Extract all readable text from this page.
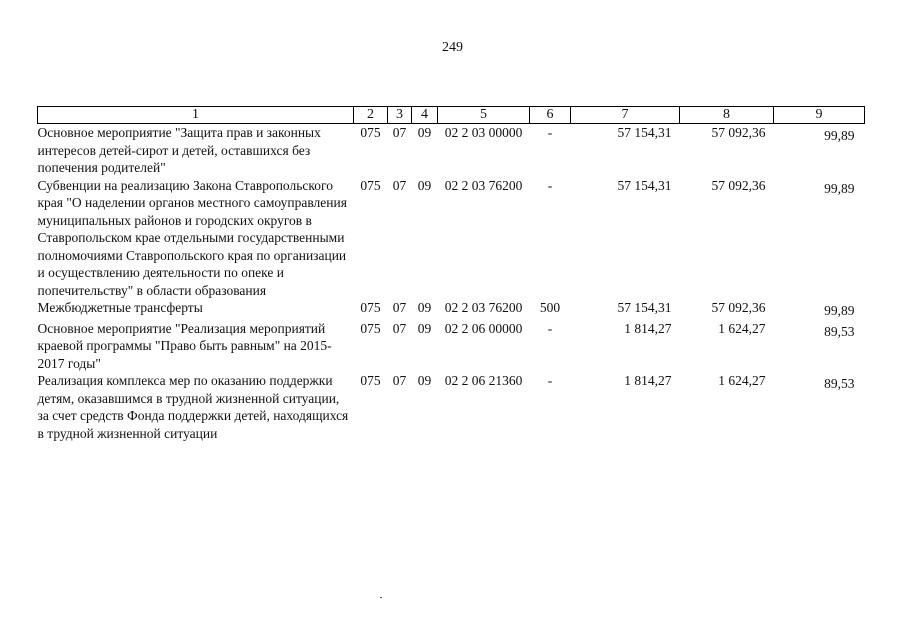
249
1	2	3	4	5	6	7	8	9
Основное мероприятие "Защита прав и законных интересов детей-сирот и детей, оставшихся без попечения родителей"	075	07	09	02 2 03 00000	-	57 154,31	57 092,36	99,89
Субвенции на реализацию Закона Ставропольского края "О наделении органов местного самоуправления муниципальных районов и городских округов в Ставропольском крае отдельными государственными полномочиями Ставропольского края по организации и осуществлению деятельности по опеке и попечительству" в области образования	075	07	09	02 2 03 76200	-	57 154,31	57 092,36	99,89
Межбюджетные трансферты	075	07	09	02 2 03 76200	500	57 154,31	57 092,36	99,89
Основное мероприятие "Реализация мероприятий краевой программы "Право быть равным" на 2015-2017 годы"	075	07	09	02 2 06 00000	-	1 814,27	1 624,27	89,53
Реализация комплекса мер по оказанию поддержки детям, оказавшимся в трудной жизненной ситуации, за счет средств Фонда поддержки детей, находящихся в трудной жизненной ситуации	075	07	09	02 2 06 21360	-	1 814,27	1 624,27	89,53
